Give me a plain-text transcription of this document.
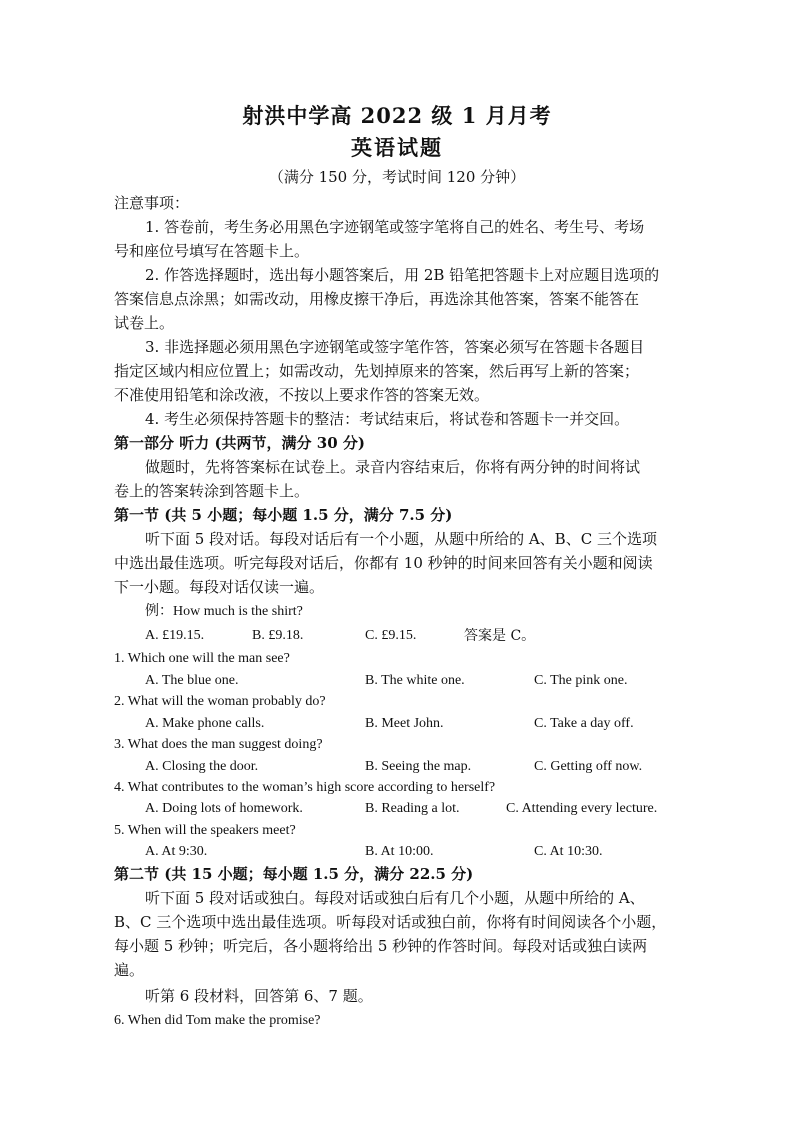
射洪中学高 2022 级 1 月月考
英语试题
（满分 150 分，考试时间 120 分钟）
注意事项：
1. 答卷前，考生务必用黑色字迹钢笔或签字笔将自己的姓名、考生号、考场
号和座位号填写在答题卡上。
2. 作答选择题时，选出每小题答案后，用 2B 铅笔把答题卡上对应题目选项的
答案信息点涂黑；如需改动，用橡皮擦干净后，再选涂其他答案，答案不能答在
试卷上。
3. 非选择题必须用黑色字迹钢笔或签字笔作答，答案必须写在答题卡各题目
指定区域内相应位置上；如需改动，先划掉原来的答案，然后再写上新的答案；
不准使用铅笔和涂改液，不按以上要求作答的答案无效。
4. 考生必须保持答题卡的整洁：考试结束后，将试卷和答题卡一并交回。
第一部分 听力 (共两节，满分 30 分)
做题时，先将答案标在试卷上。录音内容结束后，你将有两分钟的时间将试
卷上的答案转涂到答题卡上。
第一节 (共 5 小题；每小题 1.5 分，满分 7.5 分)
听下面 5 段对话。每段对话后有一个小题，从题中所给的 A、B、C 三个选项
中选出最佳选项。听完每段对话后，你都有 10 秒钟的时间来回答有关小题和阅读
下一小题。每段对话仅读一遍。
例：How much is the shirt?
A. £19.15.	B. £9.18.	C. £9.15.	答案是 C。
1. Which one will the man see?
A. The blue one.	B. The white one.	C. The pink one.
2. What will the woman probably do?
A. Make phone calls.	B. Meet John.	C. Take a day off.
3. What does the man suggest doing?
A. Closing the door.	B. Seeing the map.	C. Getting off now.
4. What contributes to the woman’s high score according to herself?
A. Doing lots of homework.	B. Reading a lot.	C. Attending every lecture.
5. When will the speakers meet?
A. At 9:30.	B. At 10:00.	C. At 10:30.
第二节 (共 15 小题；每小题 1.5 分，满分 22.5 分)
听下面 5 段对话或独白。每段对话或独白后有几个小题，从题中所给的 A、
B、C 三个选项中选出最佳选项。听每段对话或独白前，你将有时间阅读各个小题，
每小题 5 秒钟；听完后，各小题将给出 5 秒钟的作答时间。每段对话或独白读两
遍。
听第 6 段材料，回答第 6、7 题。
6. When did Tom make the promise?
